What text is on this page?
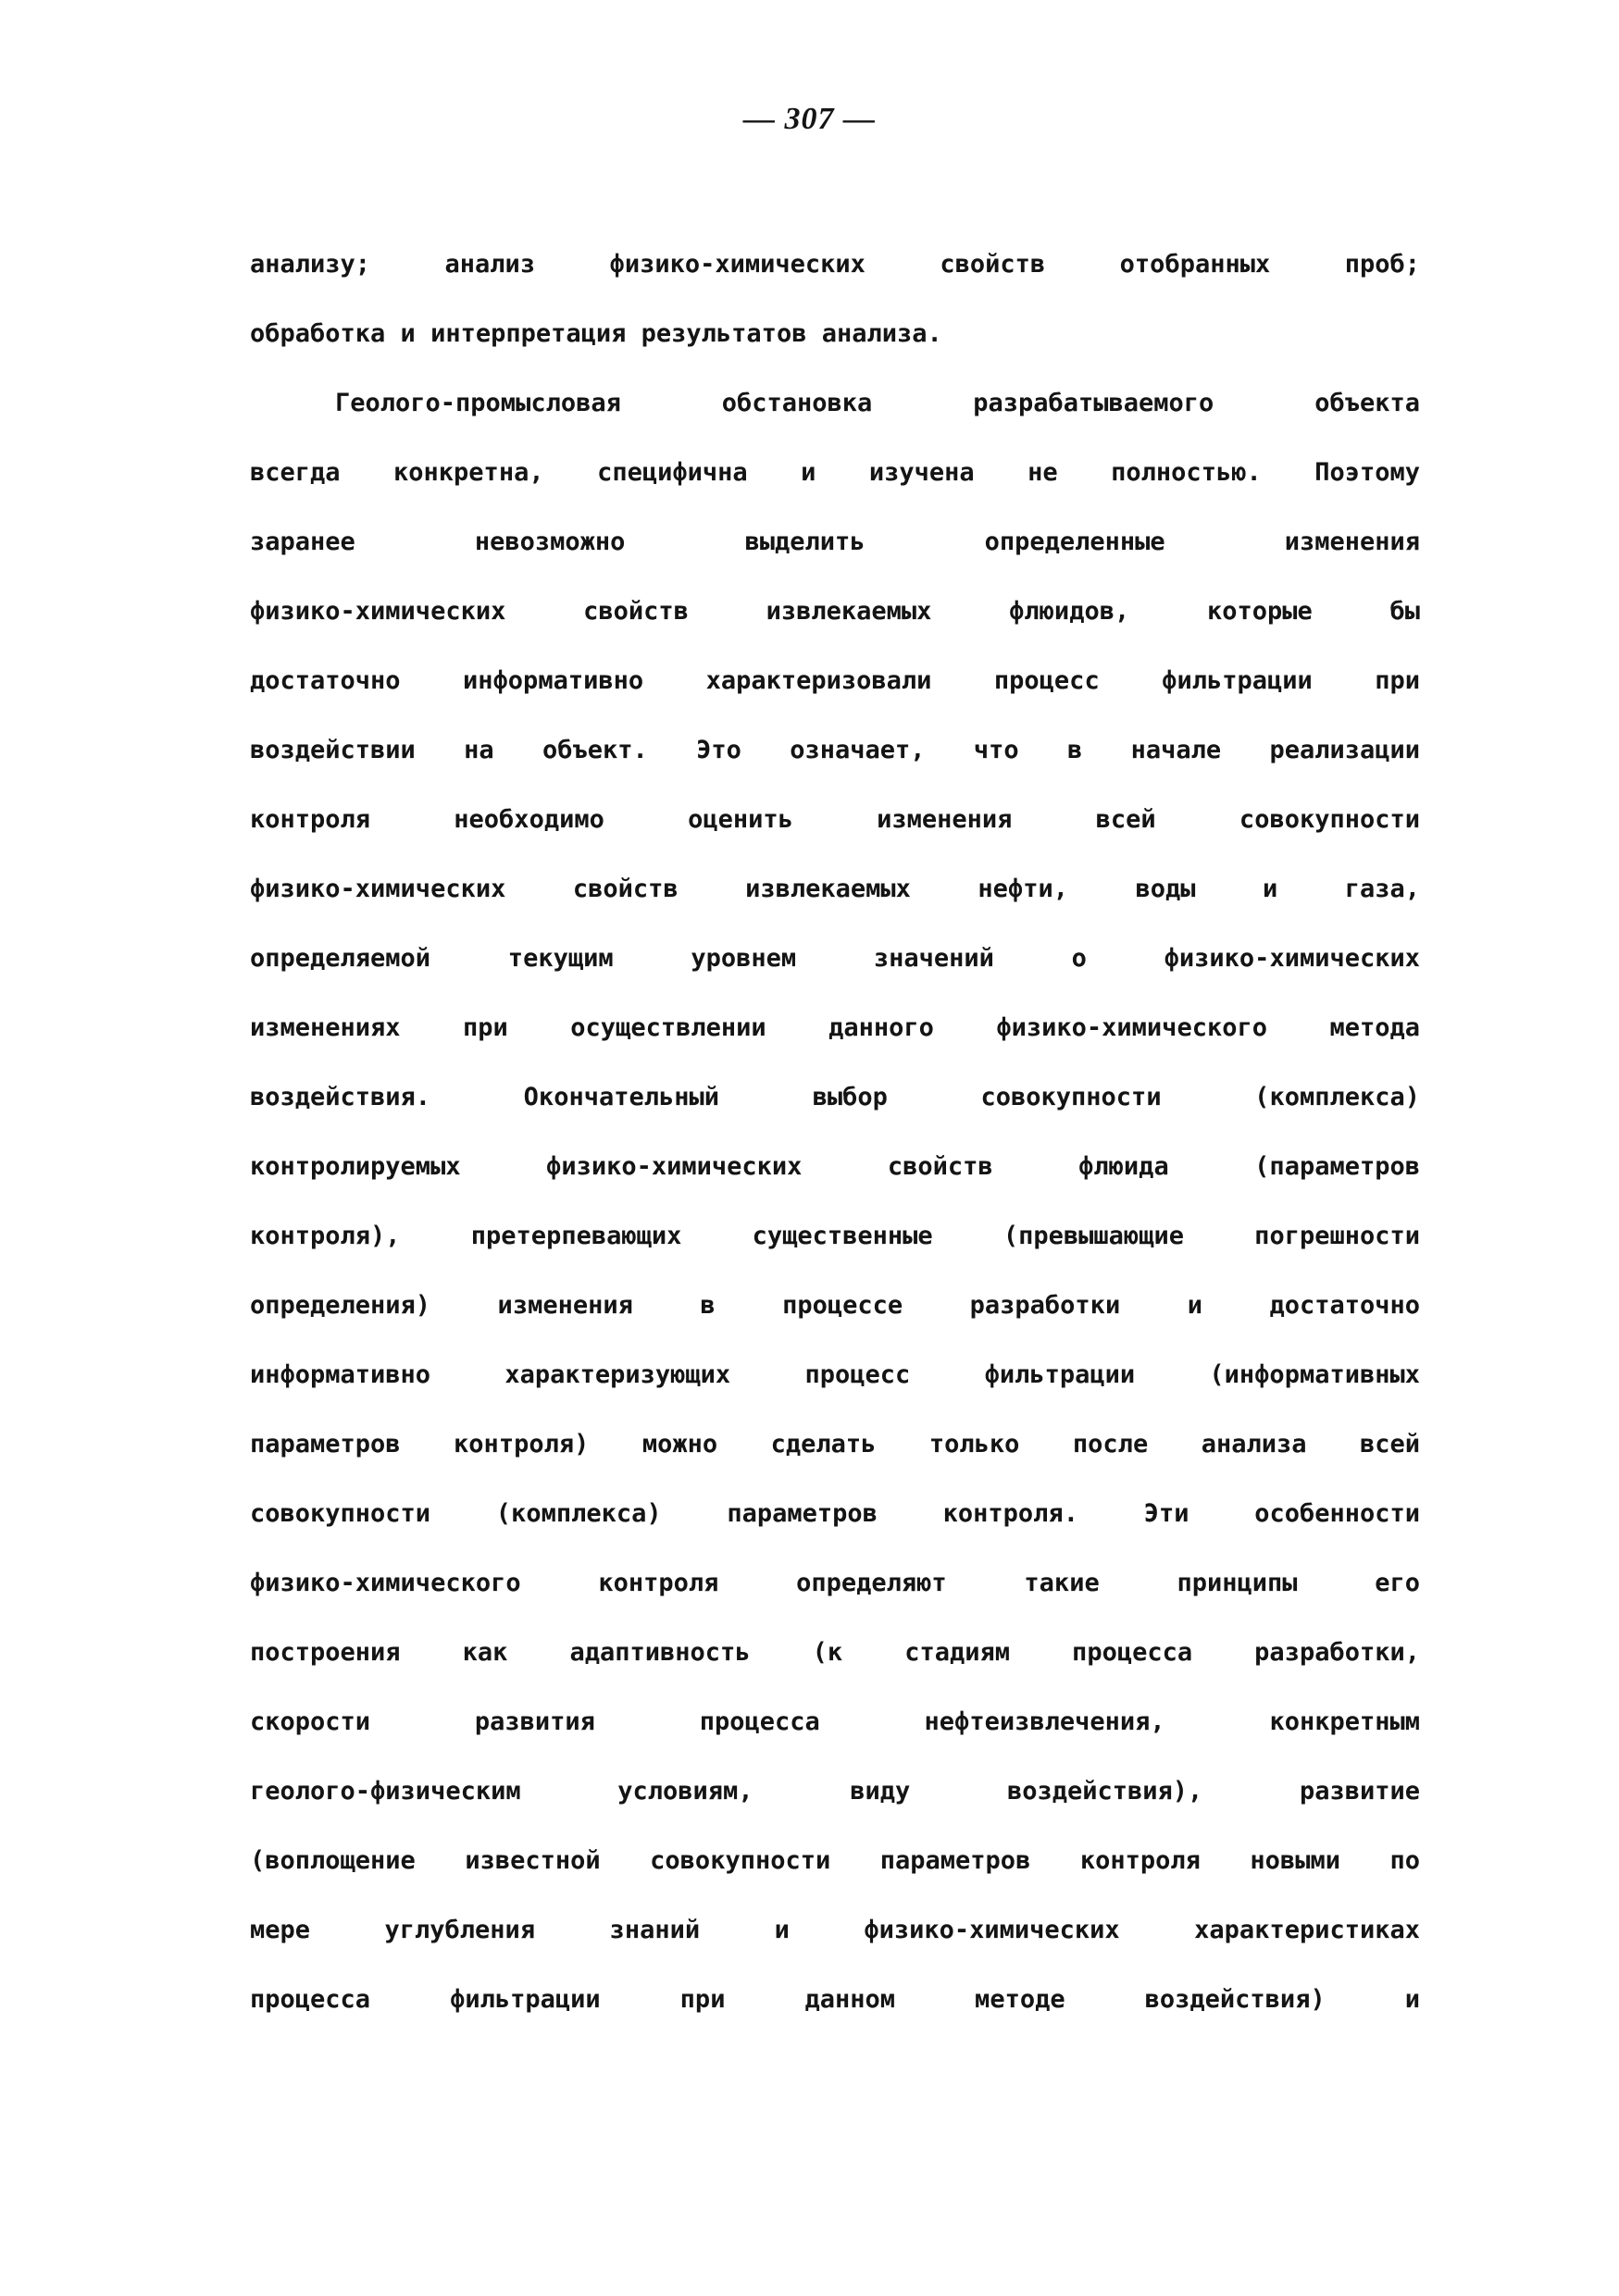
— 307 —
анализу; анализ физико-химических свойств отобранных проб;
обработка и интерпретация результатов анализа.
Геолого-промысловая обстановка разрабатываемого объекта
всегда конкретна, специфична и изучена не полностью. Поэтому
заранее невозможно выделить определенные изменения
физико-химических свойств извлекаемых флюидов, которые бы
достаточно информативно характеризовали процесс фильтрации при
воздействии на объект. Это означает, что в начале реализации
контроля необходимо оценить изменения всей совокупности
физико-химических свойств извлекаемых нефти, воды и газа,
определяемой текущим уровнем значений о физико-химических
изменениях при осуществлении данного физико-химического метода
воздействия. Окончательный выбор совокупности (комплекса)
контролируемых физико-химических свойств флюида (параметров
контроля), претерпевающих существенные (превышающие погрешности
определения) изменения в процессе разработки и достаточно
информативно характеризующих процесс фильтрации (информативных
параметров контроля) можно сделать только после анализа всей
совокупности (комплекса) параметров контроля. Эти особенности
физико-химического контроля определяют такие принципы его
построения как адаптивность (к стадиям процесса разработки,
скорости развития процесса нефтеизвлечения, конкретным
геолого-физическим условиям, виду воздействия), развитие
(воплощение известной совокупности параметров контроля новыми по
мере углубления знаний и физико-химических характеристиках
процесса фильтрации при данном методе воздействия) и
